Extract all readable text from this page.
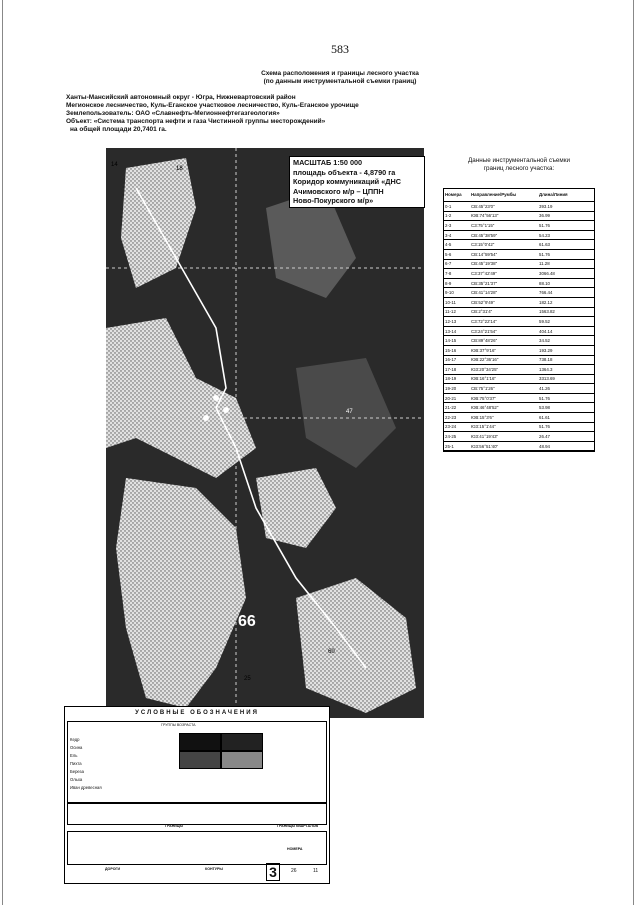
583
Схема расположения и границы лесного участка
(по данным инструментальной съемки границ)
Ханты-Мансийский автономный округ - Югра, Нижневартовский район
Мегионское лесничество, Куль-Еганское участковое лесничество, Куль-Еганское урочище
Землепользователь: ОАО «Славнефть-Мегионнефтегазгеология»
Объект: «Система транспорта нефти и газа Чистинной группы месторождений»
на общей площади 20,7401 га.
14
18
47
66
60
25
МАСШТАБ 1:50 000
площадь объекта - 4,8790 га
Коридор коммуникаций «ДНС
Ачимовского м/р – ЦППН
Ново-Покурского м/р»
Данные инструментальной съемки
границ лесного участка:
Номера	Направление/Румбы	Длина/Линия
0-1	СВ:45°23'0"	393.19
1-2	ЮВ:74°56'13"	36.99
2-3	СЗ:75°1'15"	51.76
3-4	СВ:45°38'59"	54.23
4-5	СЗ:15°0'42"	61.63
5-6	СВ:14°59'54"	51.76
6-7	СВ:45°19'38"	11.28
7-8	СЗ:37°42'49"	3066.48
8-9	СВ:35°21'37"	88.10
9-10	СВ:41°14'28"	766.44
10-11	СВ:52°9'49"	182.12
11-12	СВ:2°31'4"	1563.82
12-13	СЗ:72°22'14"	59.52
13-14	СЗ:24°21'54"	404.14
14-15	СВ:89°48'26"	34.52
15-16	ЮВ:37°9'16"	193.29
16-17	ЮВ:22°36'16"	738.18
17-18	ЮЗ:20°34'25"	1364.3
18-19	ЮВ:16°1'16"	3313.69
19-20	СВ:75°1'26"	41.26
20-21	ЮВ:75°0'37"	51.76
21-22	ЮВ:46°48'52"	53.98
22-23	ЮВ:15°3'6"	61.61
23-24	ЮЗ:15°1'44"	51.76
24-25	ЮЗ:41°19'43"	26.47
25-1	ЮЗ:56°51'40"	48.94
УСЛОВНЫЕ ОБОЗНАЧЕНИЯ
ГРУППЫ ВОЗРАСТА
Кедр
Осина
Ель
Пихта
Береза
Ольха
Иван древесная
ГРАНИЦЫ	ГРАНИЦЫ КВАРТАЛОВ
НОМЕРА
ДОРОГИ	КОНТУРЫ	3	26	11
